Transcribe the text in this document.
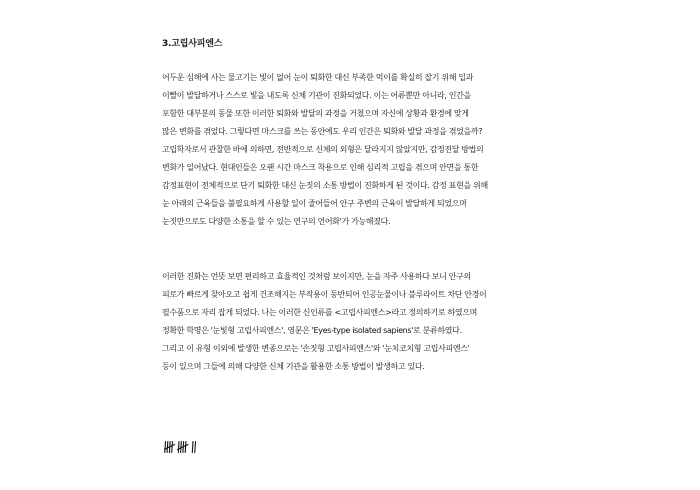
3.고립사피엔스
어두운 심해에 사는 물고기는 빛이 없어 눈이 퇴화한 대신 부족한 먹이를 확실히 잡기 위해 입과
이빨이 발달하거나 스스로 빛을 내도록 신체 기관이 진화되었다. 이는 어류뿐만 아니라, 인간을
포함한 대부분의 동물 또한 이러한 퇴화와 발달의 과정을 거쳤으며 자신에 상황과 환경에 맞게
많은 변화를 겪었다. 그렇다면 마스크를 쓰는 동안에도 우리 인간은 퇴화와 발달 과정을 겪었을까?
고립학자로서 관찰한 바에 의하면, 전반적으로 신체의 외형은 달라지지 않았지만, 감정전달 방법의
변화가 일어났다. 현대인들은 오랜 시간 마스크 착용으로 인해 심리적 고립을 겪으며 안면을 통한
감정표현이 전체적으로 단기 퇴화한 대신 눈짓의 소통 방법이 진화하게 된 것이다. 감정 표현을 위해
눈 아래의 근육들을 불필요하게 사용할 일이 줄어들어 안구 주변의 근육이 발달하게 되었으며
눈짓만으로도 다양한 소통을 할 수 있는 연구의 언어화'가 가능해졌다.
이러한 진화는 언뜻 보면 편리하고 효율적인 것처럼 보이지만, 눈을 자주 사용하다 보니 안구의
피로가 빠르게 찾아오고 쉽게 건조해지는 부작용이 동반되어 인공눈물이나 블루라이트 차단 안경이
필수품으로 자리 잡게 되었다. 나는 이러한 신인류를 <고립사피엔스>라고 정의하기로 하였으며
정확한 학명은 '눈빛형 고립사피엔스', 영문은 'Eyes-type isolated sapiens'로 분류하였다.
그리고 이 유형 이외에 발생한 변종으로는 '손짓형 고립사피엔스'와 '눈치코치형 고립사피엔스'
등이 있으며 그들에 의해 다양한 신체 기관을 활용한 소통 방법이 발생하고 있다.
